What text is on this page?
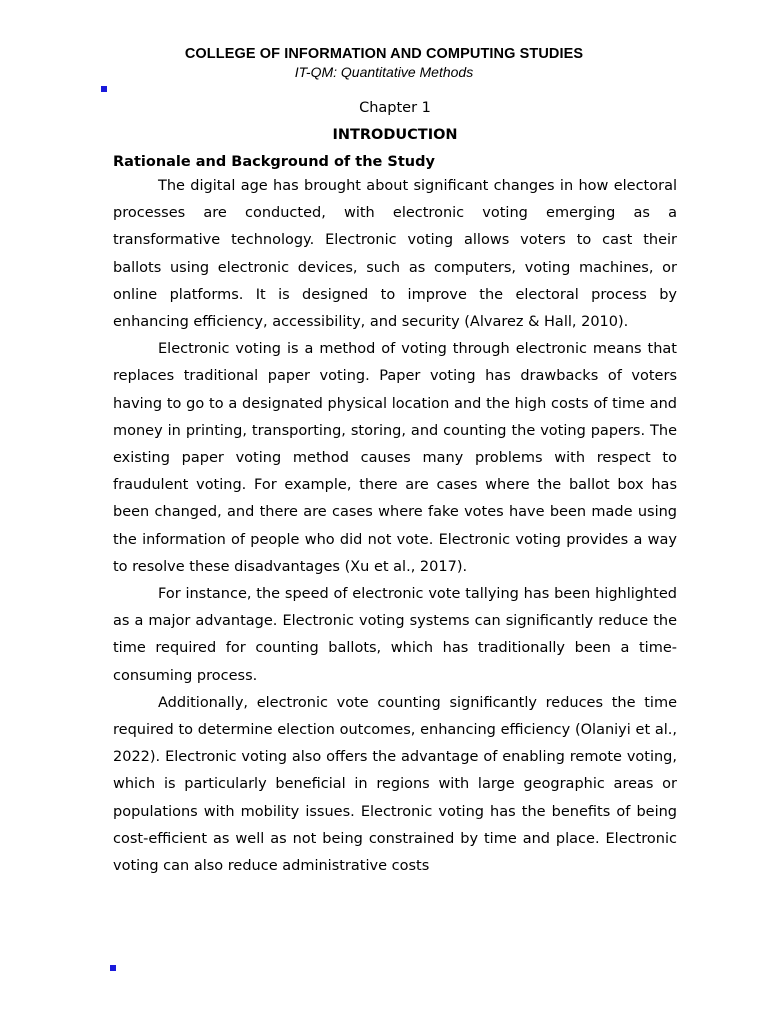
COLLEGE OF INFORMATION AND COMPUTING STUDIES
IT-QM: Quantitative Methods
Chapter 1
INTRODUCTION
Rationale and Background of the Study

The digital age has brought about significant changes in how electoral processes are conducted, with electronic voting emerging as a transformative technology. Electronic voting allows voters to cast their ballots using electronic devices, such as computers, voting machines, or online platforms. It is designed to improve the electoral process by enhancing efficiency, accessibility, and security (Alvarez & Hall, 2010).

Electronic voting is a method of voting through electronic means that replaces traditional paper voting. Paper voting has drawbacks of voters having to go to a designated physical location and the high costs of time and money in printing, transporting, storing, and counting the voting papers. The existing paper voting method causes many problems with respect to fraudulent voting. For example, there are cases where the ballot box has been changed, and there are cases where fake votes have been made using the information of people who did not vote. Electronic voting provides a way to resolve these disadvantages (Xu et al., 2017).

For instance, the speed of electronic vote tallying has been highlighted as a major advantage. Electronic voting systems can significantly reduce the time required for counting ballots, which has traditionally been a time-consuming process.

Additionally, electronic vote counting significantly reduces the time required to determine election outcomes, enhancing efficiency (Olaniyi et al., 2022). Electronic voting also offers the advantage of enabling remote voting, which is particularly beneficial in regions with large geographic areas or populations with mobility issues. Electronic voting has the benefits of being cost-efficient as well as not being constrained by time and place. Electronic voting can also reduce administrative costs
